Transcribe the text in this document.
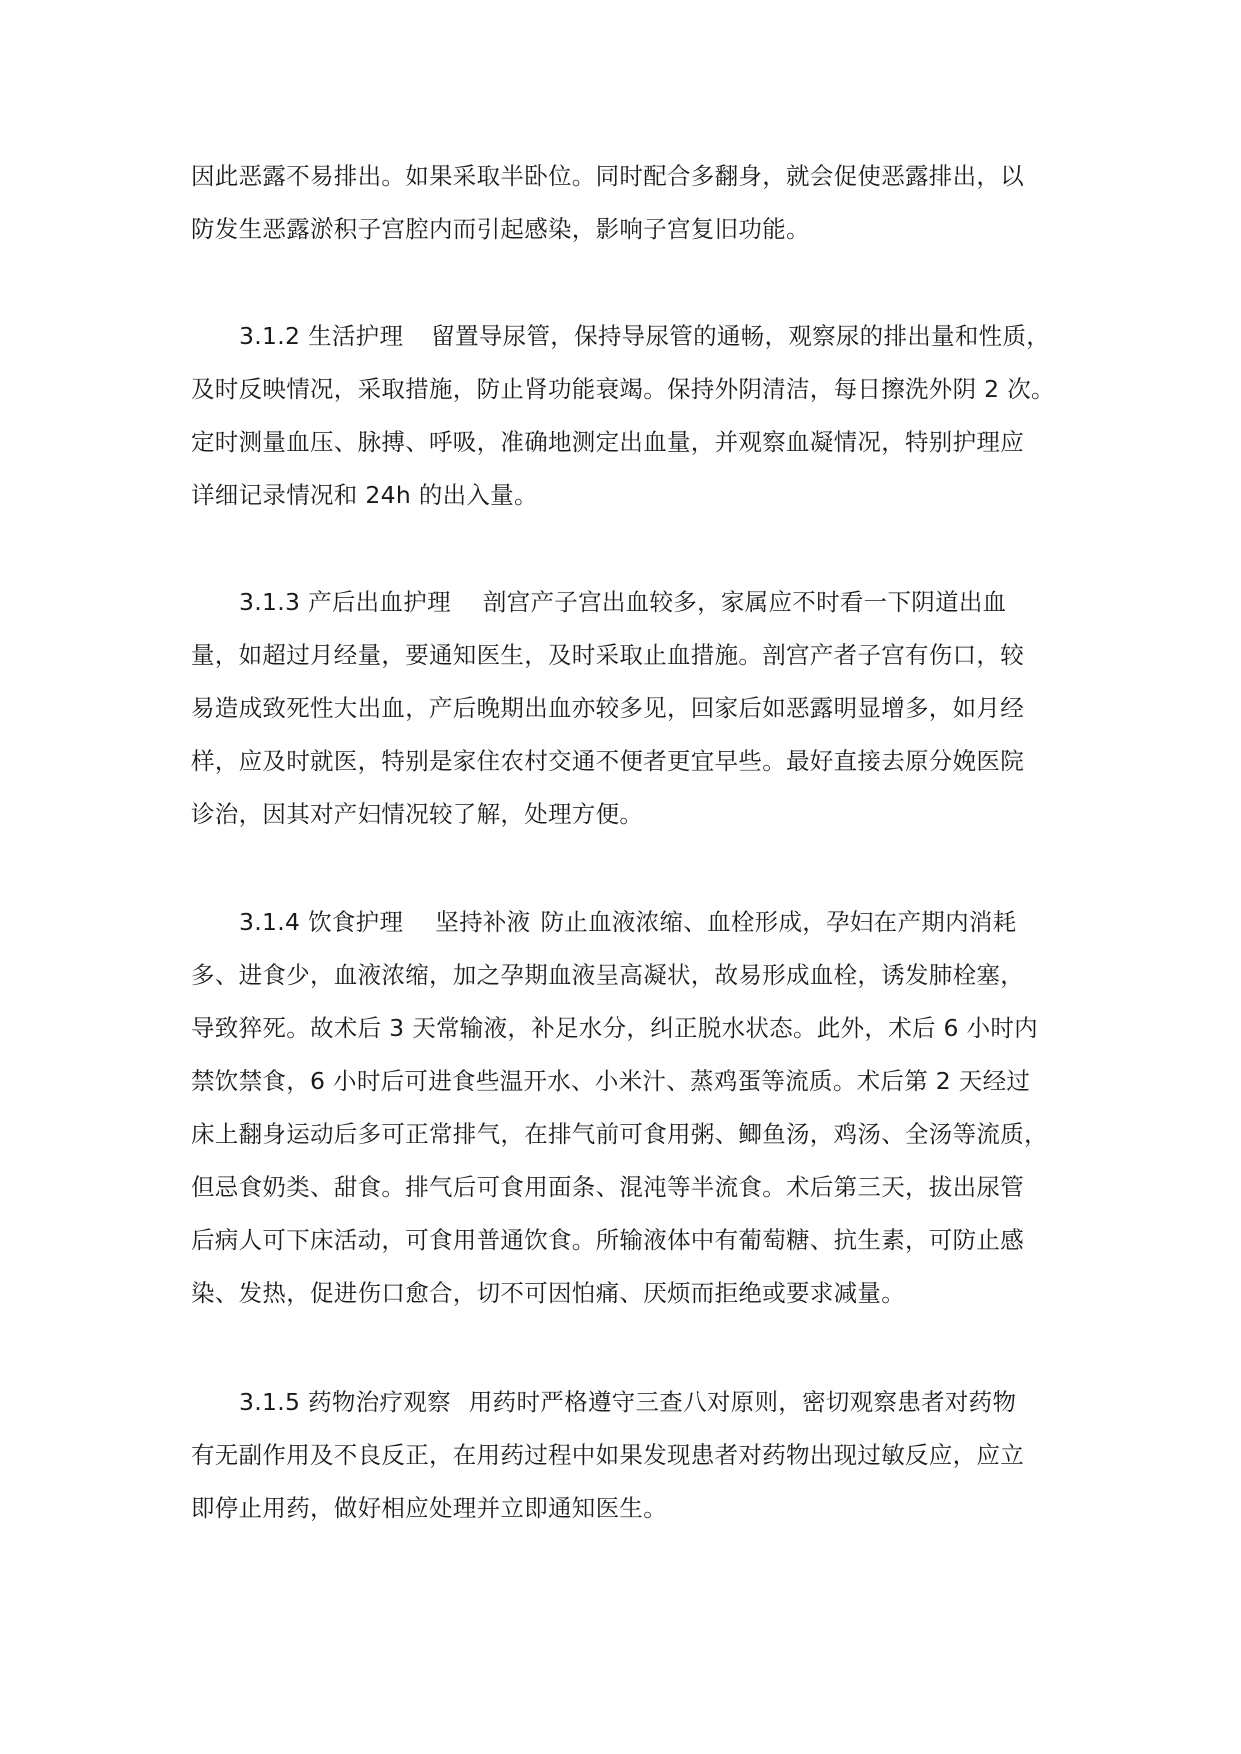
因此恶露不易排出。如果采取半卧位。同时配合多翻身，就会促使恶露排出，以
防发生恶露淤积子宫腔内而引起感染，影响子宫复旧功能。

3.1.2 生活护理 留置导尿管，保持导尿管的通畅，观察尿的排出量和性质，
及时反映情况，采取措施，防止肾功能衰竭。保持外阴清洁，每日擦洗外阴 2 次。
定时测量血压、脉搏、呼吸，准确地测定出血量，并观察血凝情况，特别护理应
详细记录情况和 24h 的出入量。

3.1.3 产后出血护理 剖宫产子宫出血较多，家属应不时看一下阴道出血
量，如超过月经量，要通知医生，及时采取止血措施。剖宫产者子宫有伤口，较
易造成致死性大出血，产后晚期出血亦较多见，回家后如恶露明显增多，如月经
样，应及时就医，特别是家住农村交通不便者更宜早些。最好直接去原分娩医院
诊治，因其对产妇情况较了解，处理方便。

3.1.4 饮食护理 坚持补液 防止血液浓缩、血栓形成，孕妇在产期内消耗
多、进食少，血液浓缩，加之孕期血液呈高凝状，故易形成血栓，诱发肺栓塞，
导致猝死。故术后 3 天常输液，补足水分，纠正脱水状态。此外，术后 6 小时内
禁饮禁食，6 小时后可进食些温开水、小米汁、蒸鸡蛋等流质。术后第 2 天经过
床上翻身运动后多可正常排气，在排气前可食用粥、鲫鱼汤，鸡汤、全汤等流质，
但忌食奶类、甜食。排气后可食用面条、混沌等半流食。术后第三天，拔出尿管
后病人可下床活动，可食用普通饮食。所输液体中有葡萄糖、抗生素，可防止感
染、发热，促进伤口愈合，切不可因怕痛、厌烦而拒绝或要求减量。

3.1.5 药物治疗观察 用药时严格遵守三查八对原则，密切观察患者对药物
有无副作用及不良反正，在用药过程中如果发现患者对药物出现过敏反应，应立
即停止用药，做好相应处理并立即通知医生。
